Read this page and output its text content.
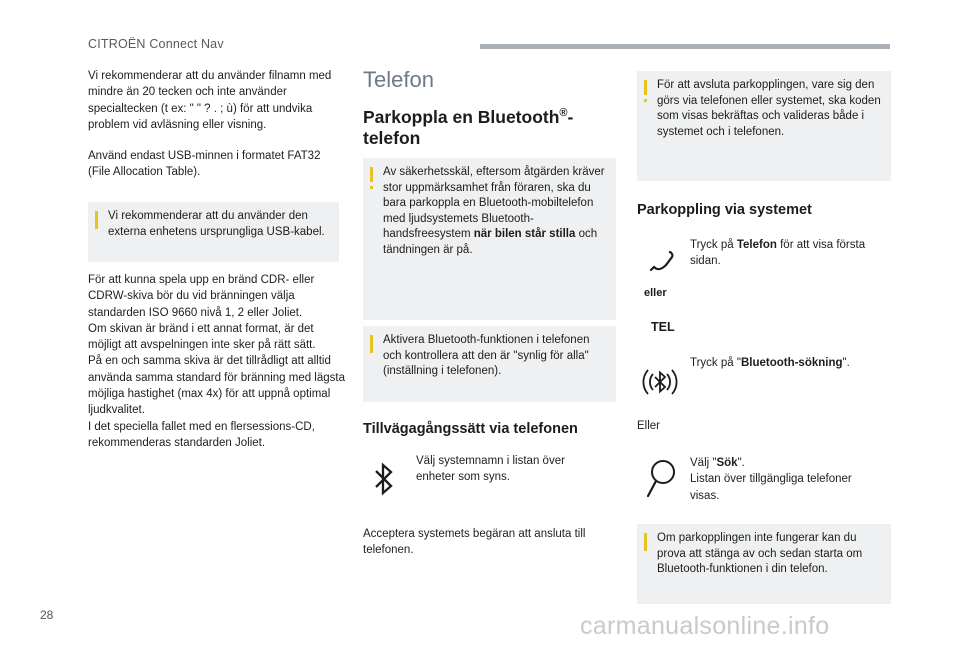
CITROËN Connect Nav
Vi rekommenderar att du använder filnamn med mindre än 20 tecken och inte använder specialtecken (t ex: " " ? . ; ù) för att undvika problem vid avläsning eller visning.
Använd endast USB-minnen i formatet FAT32 (File Allocation Table).
Vi rekommenderar att du använder den externa enhetens ursprungliga USB-kabel.
För att kunna spela upp en bränd CDR- eller CDRW-skiva bör du vid bränningen välja standarden ISO 9660 nivå 1, 2 eller Joliet.
Om skivan är bränd i ett annat format, är det möjligt att avspelningen inte sker på rätt sätt.
På en och samma skiva är det tillrådligt att alltid använda samma standard för bränning med lägsta möjliga hastighet (max 4x) för att uppnå optimal ljudkvalitet.
I det speciella fallet med en flersessions-CD, rekommenderas standarden Joliet.
Telefon
Parkoppla en Bluetooth®-
telefon
Av säkerhetsskäl, eftersom åtgärden kräver stor uppmärksamhet från föraren, ska du bara parkoppla en Bluetooth-mobiltelefon med ljudsystemets Bluetooth-handsfreesystem när bilen står stilla och tändningen är på.
Aktivera Bluetooth-funktionen i telefonen och kontrollera att den är "synlig för alla" (inställning i telefonen).
Tillvägagångssätt via telefonen
Välj systemnamn i listan över enheter som syns.
Acceptera systemets begäran att ansluta till telefonen.
För att avsluta parkopplingen, vare sig den görs via telefonen eller systemet, ska koden som visas bekräftas och valideras både i systemet och i telefonen.
Parkoppling via systemet
eller
TEL
Tryck på Telefon för att visa första sidan.
Tryck på "Bluetooth-sökning".
Eller
Välj "Sök".
Listan över tillgängliga telefoner visas.
Om parkopplingen inte fungerar kan du prova att stänga av och sedan starta om Bluetooth-funktionen i din telefon.
28	carmanualsonline.info
